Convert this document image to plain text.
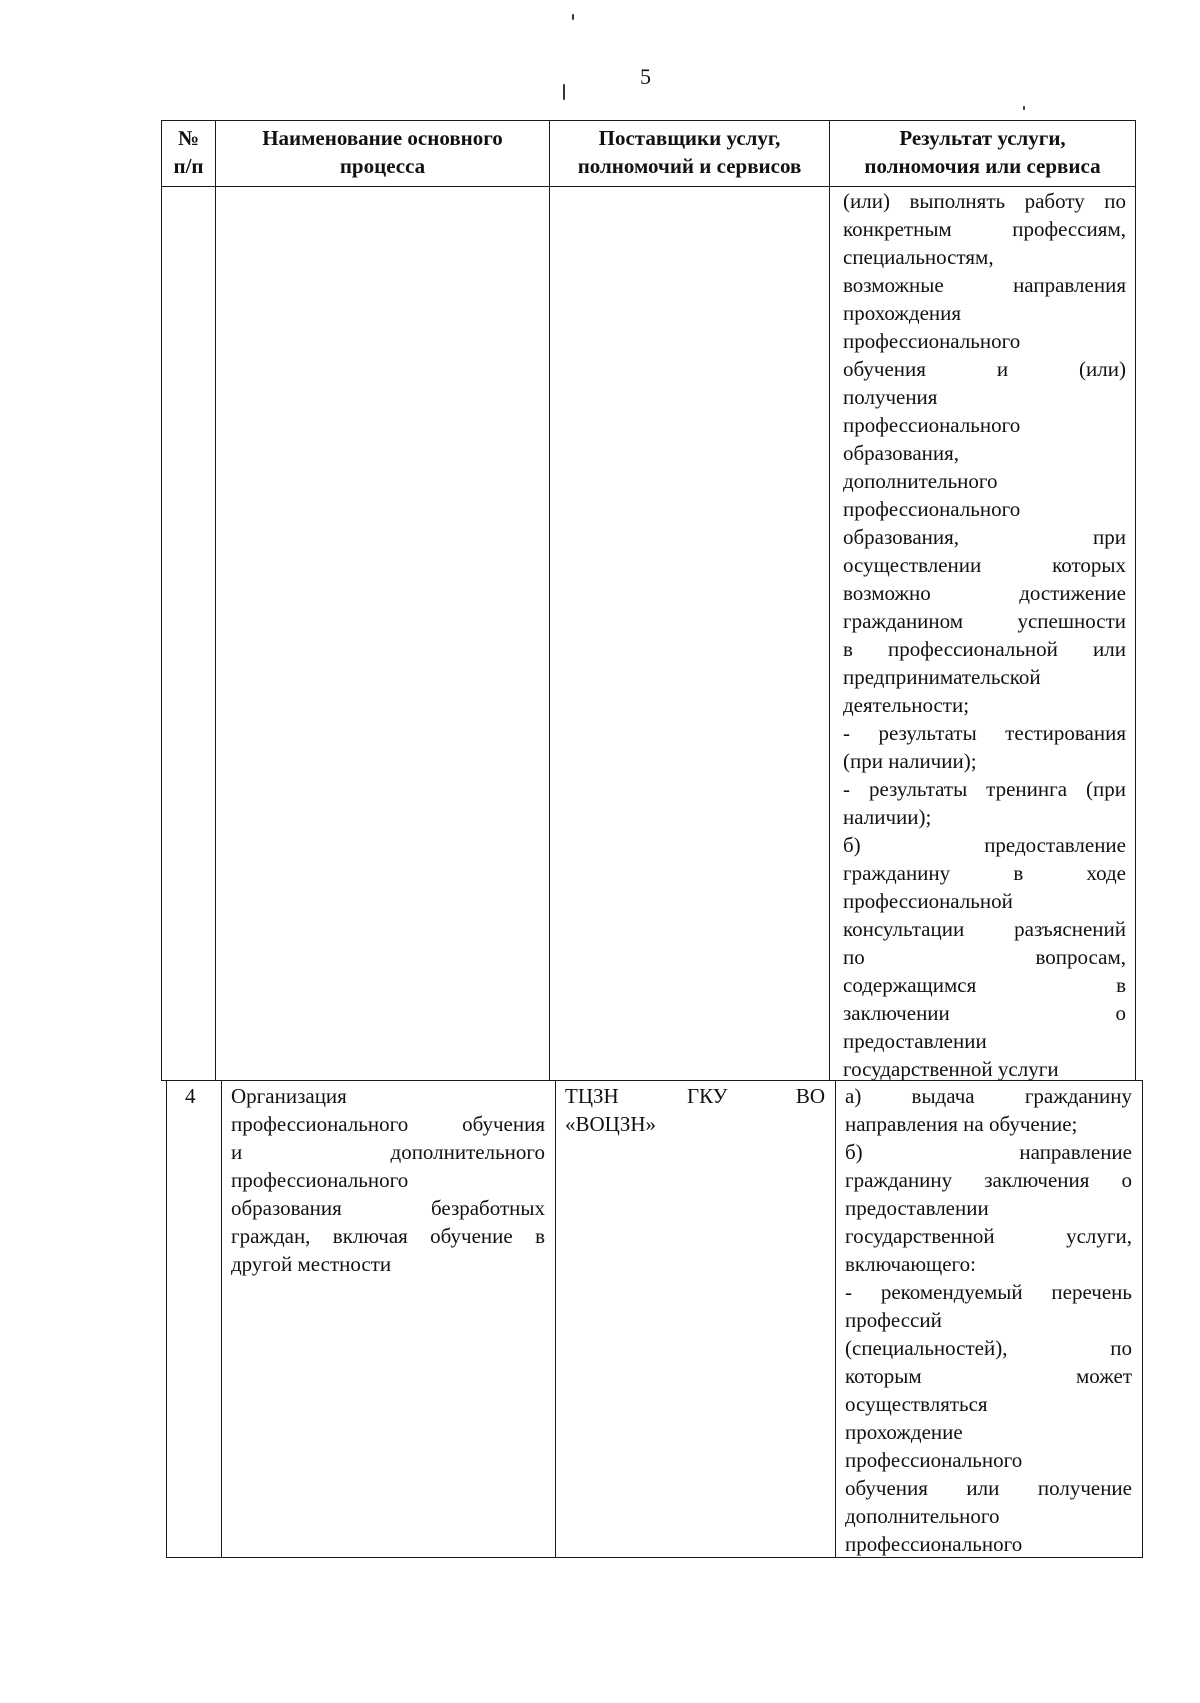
5
№
п/п
Наименование основного
процесса
Поставщики услуг,
полномочий и сервисов
Результат услуги,
полномочия или сервиса
(или) выполнять работу по
конкретным профессиям,
специальностям,
возможные направления
прохождения
профессионального
обучения и (или)
получения
профессионального
образования,
дополнительного
профессионального
образования, при
осуществлении которых
возможно достижение
гражданином успешности
в профессиональной или
предпринимательской
деятельности;
- результаты тестирования
(при наличии);
- результаты тренинга (при
наличии);
б) предоставление
гражданину в ходе
профессиональной
консультации разъяснений
по вопросам,
содержащимся в
заключении о
предоставлении
государственной услуги
4 Организация
профессионального обучения
и дополнительного
профессионального
образования безработных
граждан, включая обучение в
другой местности
ТЦЗН ГКУ ВО
«ВОЦЗН»
а) выдача гражданину
направления на обучение;
б) направление
гражданину заключения о
предоставлении
государственной услуги,
включающего:
- рекомендуемый перечень
профессий
(специальностей), по
которым может
осуществляться
прохождение
профессионального
обучения или получение
дополнительного
профессионального
